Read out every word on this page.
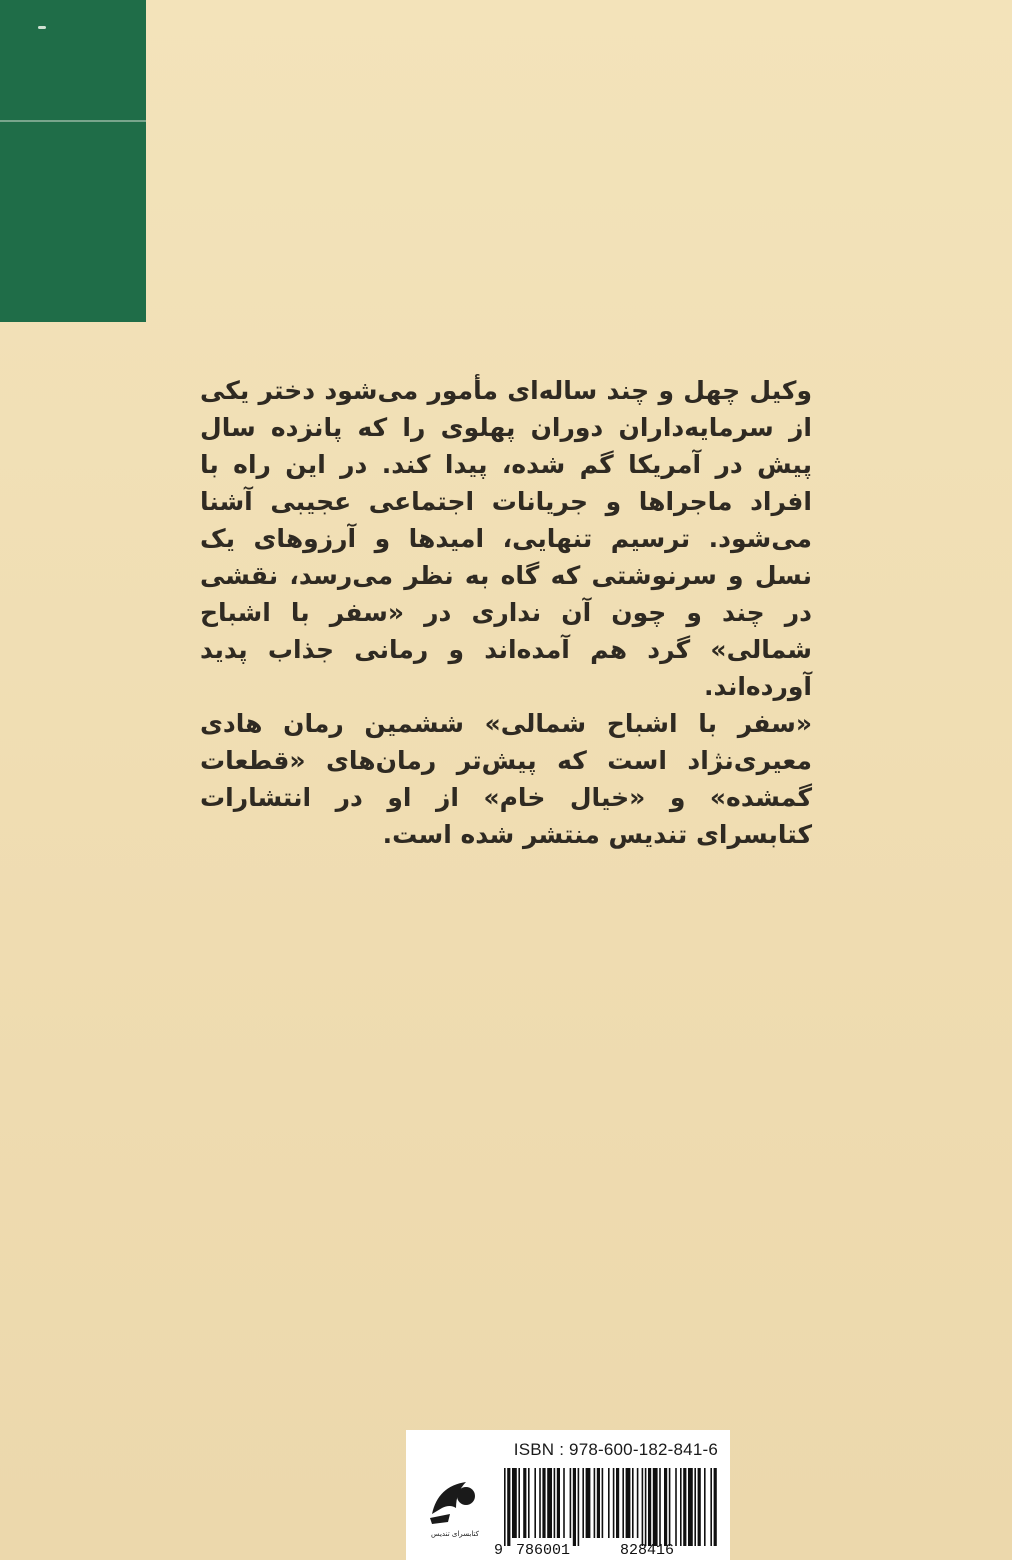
وکیل چهل و چند ساله‌ای مأمور می‌شود دختر یکی از سرمایه‌داران دوران پهلوی را که پانزده سال پیش در آمریکا گم شده، پیدا کند. در این راه با افراد ماجراها و جریانات اجتماعی عجیبی آشنا می‌شود. ترسیم تنهایی، امیدها و آرزوهای یک نسل و سرنوشتی که گاه به نظر می‌رسد، نقشی در چند و چون آن نداری در «سفر با اشباح شمالی» گرد هم آمده‌اند و رمانی جذاب پدید آورده‌اند.

«سفر با اشباح شمالی» ششمین رمان هادی معیری‌نژاد است که پیش‌تر رمان‌های «قطعات گمشده» و «خیال خام» از او در انتشارات کتابسرای تندیس منتشر شده است.

ISBN : 978-600-182-841-6
کتابسرای تندیس
9 786001	828416
